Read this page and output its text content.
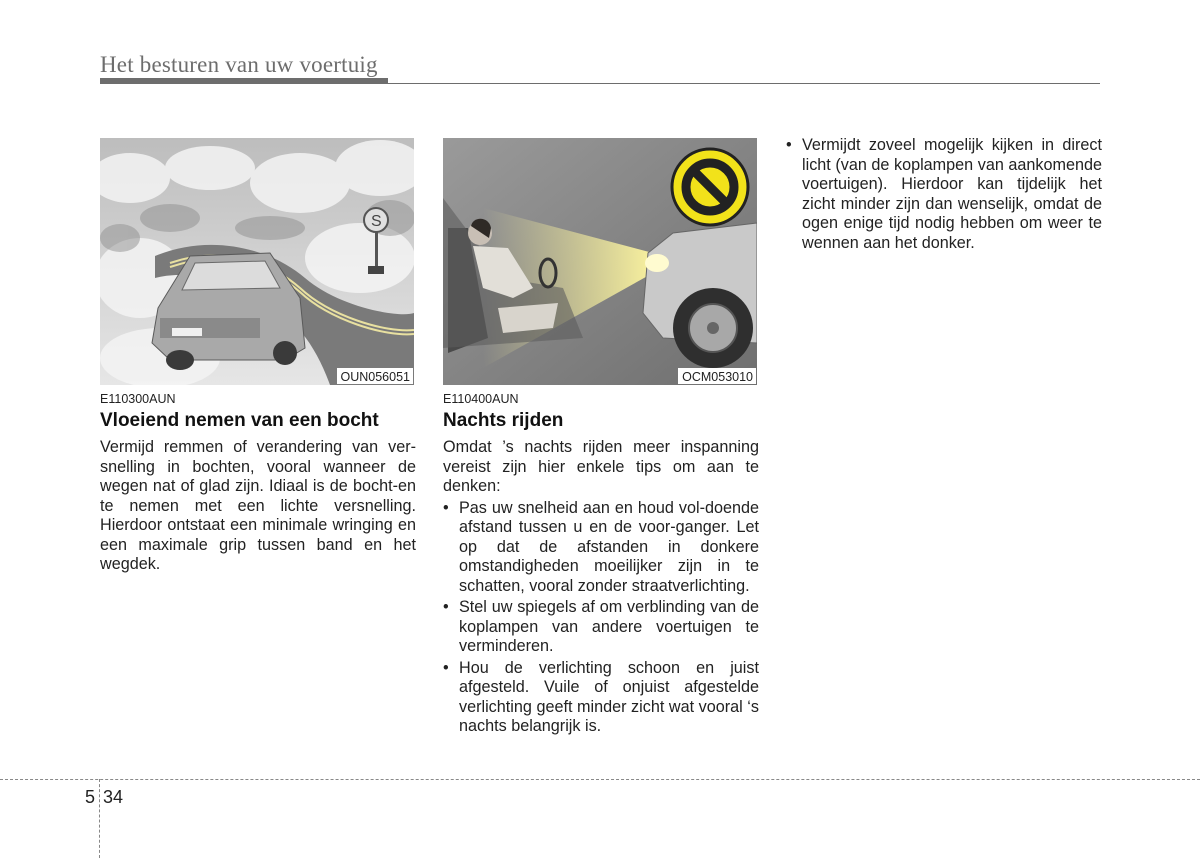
Het besturen van uw voertuig
S
OUN056051	OCM053010

E110300AUN

Vloeiend nemen van een bocht

Vermijd remmen of verandering van ver-snelling in bochten, vooral wanneer de wegen nat of glad zijn. Idiaal is de bocht-en te nemen met een lichte versnelling. Hierdoor ontstaat een minimale wringing en een maximale grip tussen band en het wegdek.

E110400AUN

Nachts rijden

Omdat ’s nachts rijden meer inspanning vereist zijn hier enkele tips om aan te denken:

• Pas uw snelheid aan en houd vol-doende afstand tussen u en de voor-ganger. Let op dat de afstanden in donkere omstandigheden moeilijker zijn in te schatten, vooral zonder straatverlichting.
• Stel uw spiegels af om verblinding van de koplampen van andere voertuigen te verminderen.
• Hou de verlichting schoon en juist afgesteld. Vuile of onjuist afgestelde verlichting geeft minder zicht wat vooral ‘s nachts belangrijk is.
• Vermijdt zoveel mogelijk kijken in direct licht (van de koplampen van aankomende voertuigen). Hierdoor kan tijdelijk het zicht minder zijn dan wenselijk, omdat de ogen enige tijd nodig hebben om weer te wennen aan het donker.
5 34
